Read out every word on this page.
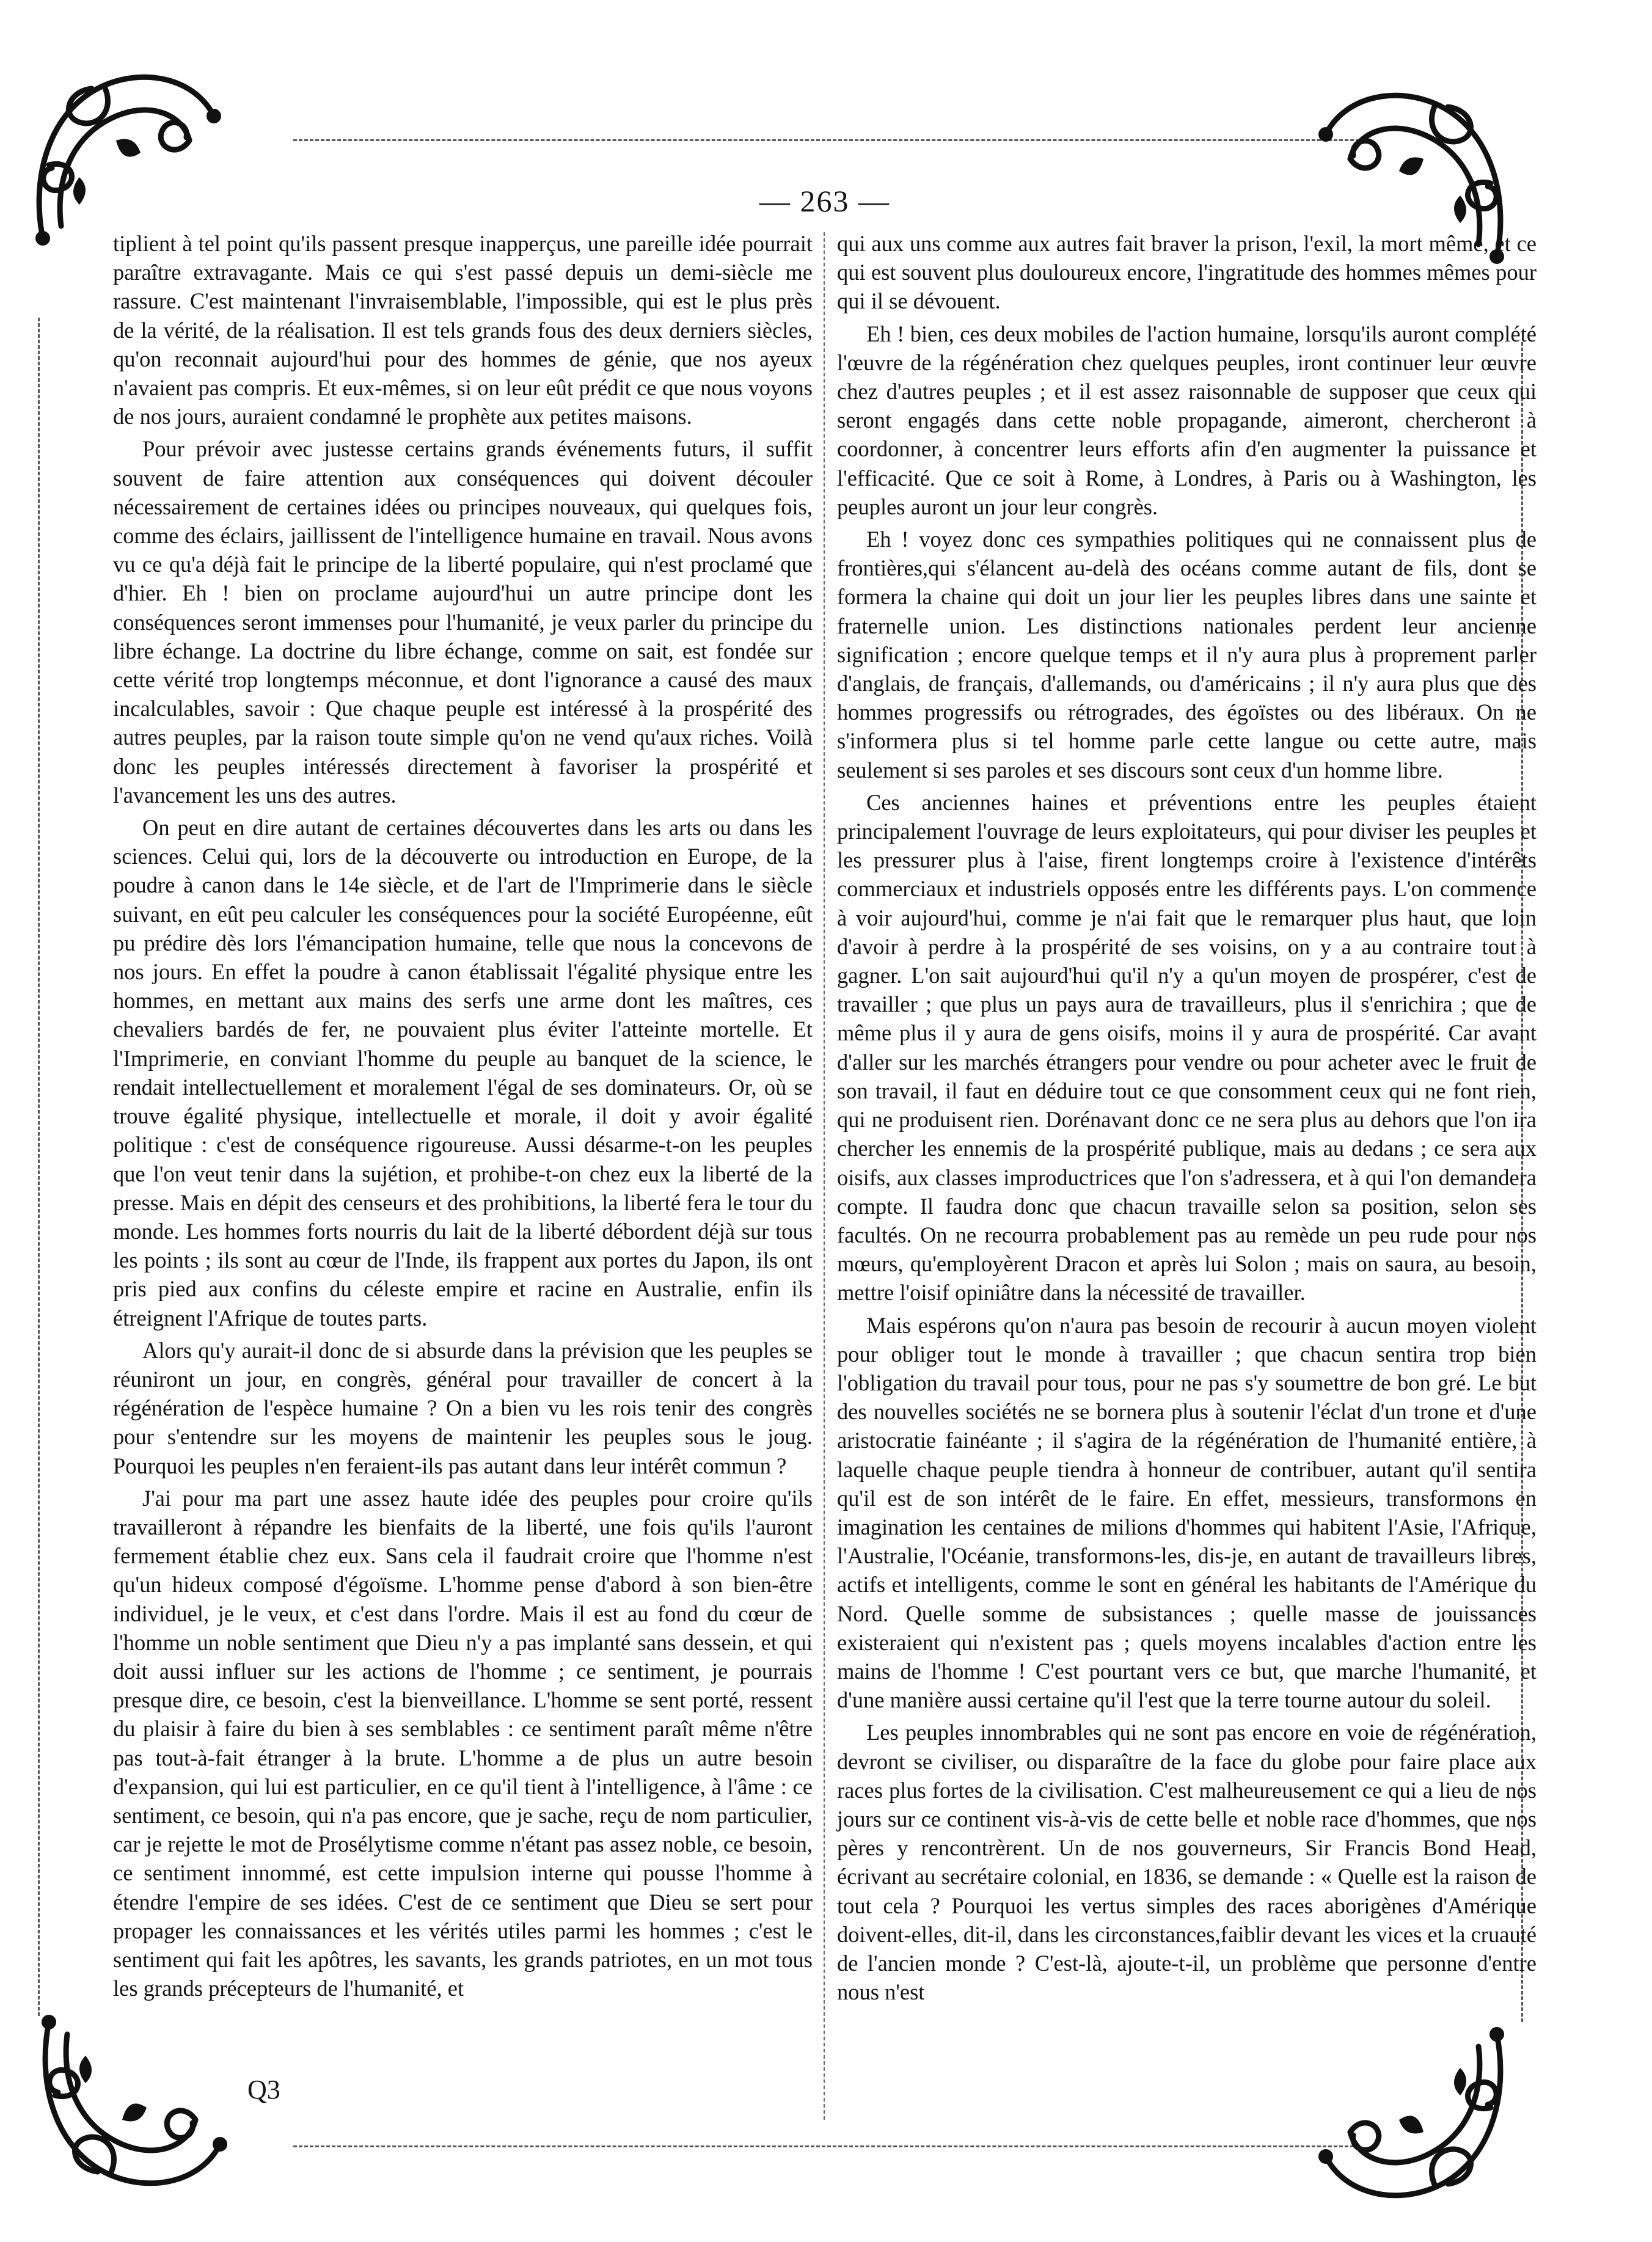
— 263 —

tiplient à tel point qu'ils passent presque inapperçus, une pareille idée pourrait paraître extravagante. Mais ce qui s'est passé depuis un demi-siècle me rassure. C'est maintenant l'invraisemblable, l'impossible, qui est le plus près de la vérité, de la réalisation. Il est tels grands fous des deux derniers siècles, qu'on reconnait aujourd'hui pour des hommes de génie, que nos ayeux n'avaient pas compris. Et eux-mêmes, si on leur eût prédit ce que nous voyons de nos jours, auraient condamné le prophète aux petites maisons.

Pour prévoir avec justesse certains grands événements futurs, il suffit souvent de faire attention aux conséquences qui doivent découler nécessairement de certaines idées ou principes nouveaux, qui quelques fois, comme des éclairs, jaillissent de l'intelligence humaine en travail. Nous avons vu ce qu'a déjà fait le principe de la liberté populaire, qui n'est proclamé que d'hier. Eh ! bien on proclame aujourd'hui un autre principe dont les conséquences seront immenses pour l'humanité, je veux parler du principe du libre échange. La doctrine du libre échange, comme on sait, est fondée sur cette vérité trop longtemps méconnue, et dont l'ignorance a causé des maux incalculables, savoir : Que chaque peuple est intéressé à la prospérité des autres peuples, par la raison toute simple qu'on ne vend qu'aux riches. Voilà donc les peuples intéressés directement à favoriser la prospérité et l'avancement les uns des autres.

On peut en dire autant de certaines découvertes dans les arts ou dans les sciences. Celui qui, lors de la découverte ou introduction en Europe, de la poudre à canon dans le 14e siècle, et de l'art de l'Imprimerie dans le siècle suivant, en eût peu calculer les conséquences pour la société Européenne, eût pu prédire dès lors l'émancipation humaine, telle que nous la concevons de nos jours. En effet la poudre à canon établissait l'égalité physique entre les hommes, en mettant aux mains des serfs une arme dont les maîtres, ces chevaliers bardés de fer, ne pouvaient plus éviter l'atteinte mortelle. Et l'Imprimerie, en conviant l'homme du peuple au banquet de la science, le rendait intellectuellement et moralement l'égal de ses dominateurs. Or, où se trouve égalité physique, intellectuelle et morale, il doit y avoir égalité politique : c'est de conséquence rigoureuse. Aussi désarme-t-on les peuples que l'on veut tenir dans la sujétion, et prohibe-t-on chez eux la liberté de la presse. Mais en dépit des censeurs et des prohibitions, la liberté fera le tour du monde. Les hommes forts nourris du lait de la liberté débordent déjà sur tous les points ; ils sont au cœur de l'Inde, ils frappent aux portes du Japon, ils ont pris pied aux confins du céleste empire et racine en Australie, enfin ils étreignent l'Afrique de toutes parts.

Alors qu'y aurait-il donc de si absurde dans la prévision que les peuples se réuniront un jour, en congrès, général pour travailler de concert à la régénération de l'espèce humaine ? On a bien vu les rois tenir des congrès pour s'entendre sur les moyens de maintenir les peuples sous le joug. Pourquoi les peuples n'en feraient-ils pas autant dans leur intérêt commun ?

J'ai pour ma part une assez haute idée des peuples pour croire qu'ils travailleront à répandre les bienfaits de la liberté, une fois qu'ils l'auront fermement établie chez eux. Sans cela il faudrait croire que l'homme n'est qu'un hideux composé d'égoïsme. L'homme pense d'abord à son bien-être individuel, je le veux, et c'est dans l'ordre. Mais il est au fond du cœur de l'homme un noble sentiment que Dieu n'y a pas implanté sans dessein, et qui doit aussi influer sur les actions de l'homme ; ce sentiment, je pourrais presque dire, ce besoin, c'est la bienveillance. L'homme se sent porté, ressent du plaisir à faire du bien à ses semblables : ce sentiment paraît même n'être pas tout-à-fait étranger à la brute. L'homme a de plus un autre besoin d'expansion, qui lui est particulier, en ce qu'il tient à l'intelligence, à l'âme : ce sentiment, ce besoin, qui n'a pas encore, que je sache, reçu de nom particulier, car je rejette le mot de Prosélytisme comme n'étant pas assez noble, ce besoin, ce sentiment innommé, est cette impulsion interne qui pousse l'homme à étendre l'empire de ses idées. C'est de ce sentiment que Dieu se sert pour propager les connaissances et les vérités utiles parmi les hommes ; c'est le sentiment qui fait les apôtres, les savants, les grands patriotes, en un mot tous les grands précepteurs de l'humanité, et

qui aux uns comme aux autres fait braver la prison, l'exil, la mort même, et ce qui est souvent plus douloureux encore, l'ingratitude des hommes mêmes pour qui il se dévouent.

Eh ! bien, ces deux mobiles de l'action humaine, lorsqu'ils auront complété l'œuvre de la régénération chez quelques peuples, iront continuer leur œuvre chez d'autres peuples ; et il est assez raisonnable de supposer que ceux qui seront engagés dans cette noble propagande, aimeront, chercheront à coordonner, à concentrer leurs efforts afin d'en augmenter la puissance et l'efficacité. Que ce soit à Rome, à Londres, à Paris ou à Washington, les peuples auront un jour leur congrès.

Eh ! voyez donc ces sympathies politiques qui ne connaissent plus de frontières,qui s'élancent au-delà des océans comme autant de fils, dont se formera la chaine qui doit un jour lier les peuples libres dans une sainte et fraternelle union. Les distinctions nationales perdent leur ancienne signification ; encore quelque temps et il n'y aura plus à proprement parler d'anglais, de français, d'allemands, ou d'américains ; il n'y aura plus que des hommes progressifs ou rétrogrades, des égoïstes ou des libéraux. On ne s'informera plus si tel homme parle cette langue ou cette autre, mais seulement si ses paroles et ses discours sont ceux d'un homme libre.

Ces anciennes haines et préventions entre les peuples étaient principalement l'ouvrage de leurs exploitateurs, qui pour diviser les peuples et les pressurer plus à l'aise, firent longtemps croire à l'existence d'intérêts commerciaux et industriels opposés entre les différents pays. L'on commence à voir aujourd'hui, comme je n'ai fait que le remarquer plus haut, que loin d'avoir à perdre à la prospérité de ses voisins, on y a au contraire tout à gagner. L'on sait aujourd'hui qu'il n'y a qu'un moyen de prospérer, c'est de travailler ; que plus un pays aura de travailleurs, plus il s'enrichira ; que de même plus il y aura de gens oisifs, moins il y aura de prospérité. Car avant d'aller sur les marchés étrangers pour vendre ou pour acheter avec le fruit de son travail, il faut en déduire tout ce que consomment ceux qui ne font rien, qui ne produisent rien. Dorénavant donc ce ne sera plus au dehors que l'on ira chercher les ennemis de la prospérité publique, mais au dedans ; ce sera aux oisifs, aux classes improductrices que l'on s'adressera, et à qui l'on demandera compte. Il faudra donc que chacun travaille selon sa position, selon ses facultés. On ne recourra probablement pas au remède un peu rude pour nos mœurs, qu'employèrent Dracon et après lui Solon ; mais on saura, au besoin, mettre l'oisif opiniâtre dans la nécessité de travailler.

Mais espérons qu'on n'aura pas besoin de recourir à aucun moyen violent pour obliger tout le monde à travailler ; que chacun sentira trop bien l'obligation du travail pour tous, pour ne pas s'y soumettre de bon gré. Le but des nouvelles sociétés ne se bornera plus à soutenir l'éclat d'un trone et d'une aristocratie fainéante ; il s'agira de la régénération de l'humanité entière, à laquelle chaque peuple tiendra à honneur de contribuer, autant qu'il sentira qu'il est de son intérêt de le faire. En effet, messieurs, transformons en imagination les centaines de milions d'hommes qui habitent l'Asie, l'Afrique, l'Australie, l'Océanie, transformons-les, dis-je, en autant de travailleurs libres, actifs et intelligents, comme le sont en général les habitants de l'Amérique du Nord. Quelle somme de subsistances ; quelle masse de jouissances existeraient qui n'existent pas ; quels moyens incalables d'action entre les mains de l'homme ! C'est pourtant vers ce but, que marche l'humanité, et d'une manière aussi certaine qu'il l'est que la terre tourne autour du soleil.

Les peuples innombrables qui ne sont pas encore en voie de régénération, devront se civiliser, ou disparaître de la face du globe pour faire place aux races plus fortes de la civilisation. C'est malheureusement ce qui a lieu de nos jours sur ce continent vis-à-vis de cette belle et noble race d'hommes, que nos pères y rencontrèrent. Un de nos gouverneurs, Sir Francis Bond Head, écrivant au secrétaire colonial, en 1836, se demande : « Quelle est la raison de tout cela ? Pourquoi les vertus simples des races aborigènes d'Amérique doivent-elles, dit-il, dans les circonstances,faiblir devant les vices et la cruauté de l'ancien monde ? C'est-là, ajoute-t-il, un problème que personne d'entre nous n'est

Q3
